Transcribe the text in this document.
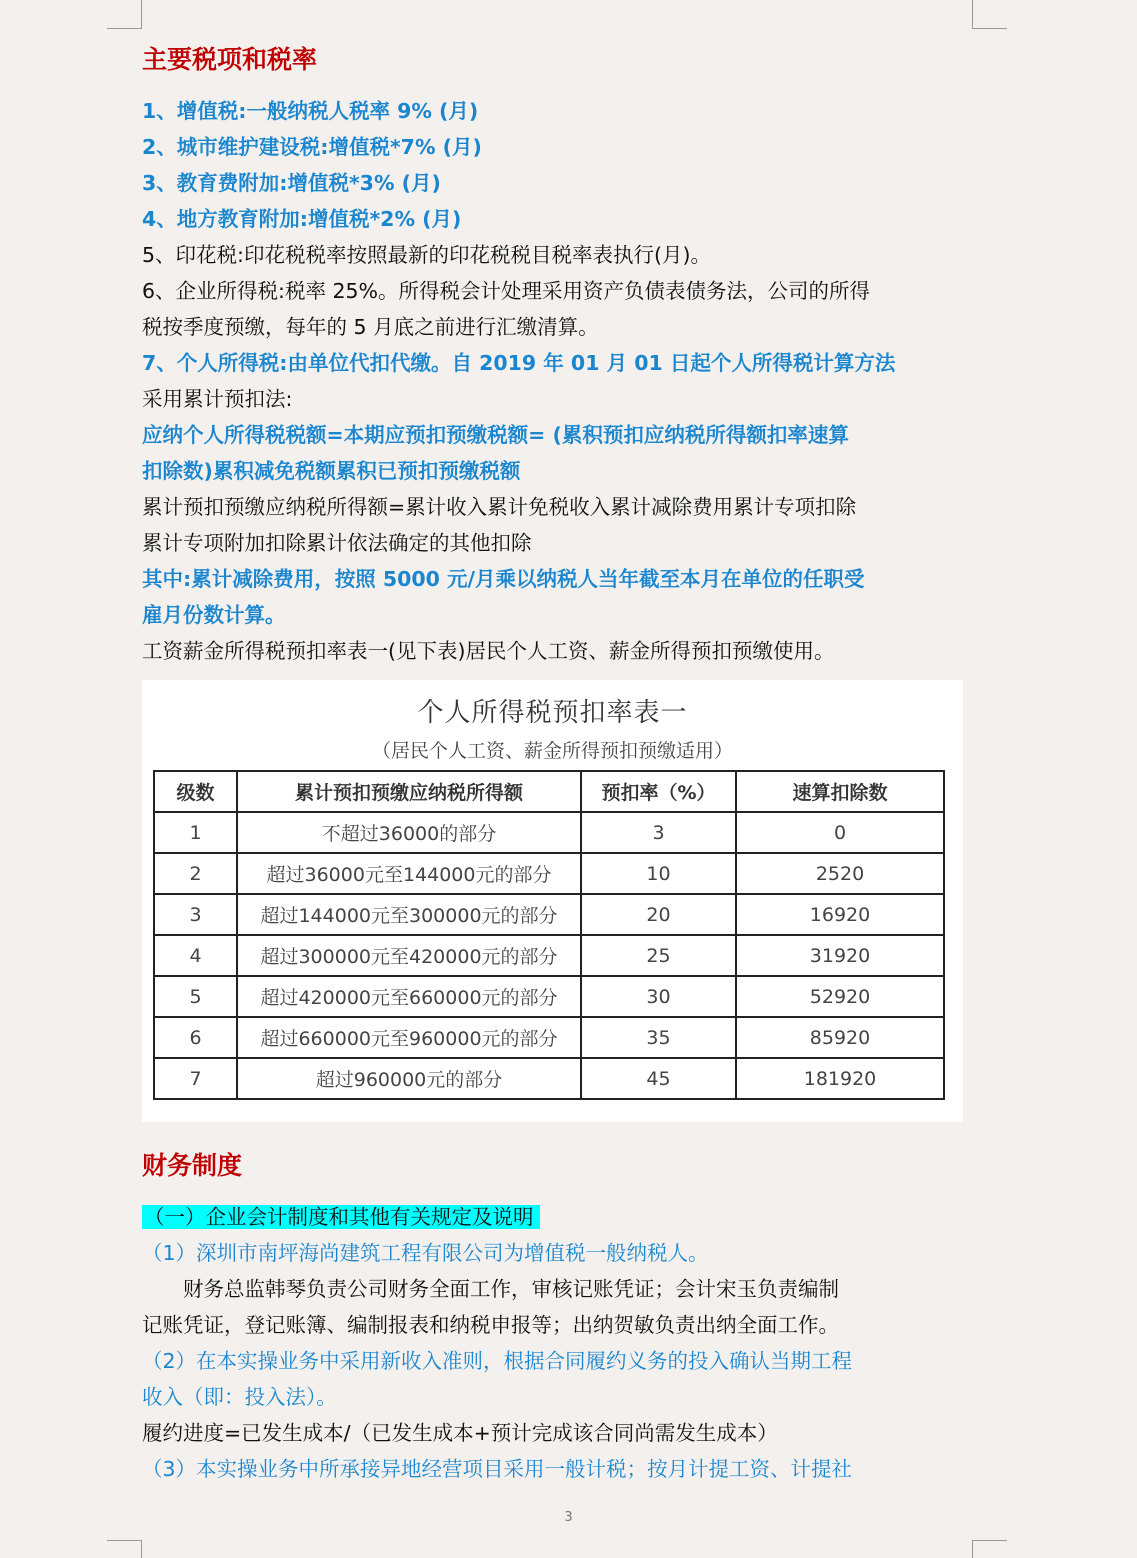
主要税项和税率
1、增值税:一般纳税人税率 9% (月)
2、城市维护建设税:增值税*7% (月)
3、教育费附加:增值税*3% (月)
4、地方教育附加:增值税*2% (月)
5、印花税:印花税税率按照最新的印花税税目税率表执行(月)。
6、企业所得税:税率 25%。所得税会计处理采用资产负债表债务法，公司的所得
税按季度预缴，每年的 5 月底之前进行汇缴清算。
7、个人所得税:由单位代扣代缴。自 2019 年 01 月 01 日起个人所得税计算方法
采用累计预扣法:
应纳个人所得税税额=本期应预扣预缴税额= (累积预扣应纳税所得额扣率速算
扣除数)累积减免税额累积已预扣预缴税额
累计预扣预缴应纳税所得额=累计收入累计免税收入累计减除费用累计专项扣除
累计专项附加扣除累计依法确定的其他扣除
其中:累计减除费用，按照 5000 元/月乘以纳税人当年截至本月在单位的任职受
雇月份数计算。
工资薪金所得税预扣率表一(见下表)居民个人工资、薪金所得预扣预缴使用。
个人所得税预扣率表一
（居民个人工资、薪金所得预扣预缴适用）
级数	累计预扣预缴应纳税所得额	预扣率（%）	速算扣除数
1	不超过36000的部分	3	0
2	超过36000元至144000元的部分	10	2520
3	超过144000元至300000元的部分	20	16920
4	超过300000元至420000元的部分	25	31920
5	超过420000元至660000元的部分	30	52920
6	超过660000元至960000元的部分	35	85920
7	超过960000元的部分	45	181920
财务制度
（一）企业会计制度和其他有关规定及说明
（1）深圳市南坪海尚建筑工程有限公司为增值税一般纳税人。
　　财务总监韩琴负责公司财务全面工作，审核记账凭证；会计宋玉负责编制
记账凭证，登记账簿、编制报表和纳税申报等；出纳贺敏负责出纳全面工作。
（2）在本实操业务中采用新收入准则，根据合同履约义务的投入确认当期工程
收入（即：投入法）。
履约进度=已发生成本/（已发生成本+预计完成该合同尚需发生成本）
（3）本实操业务中所承接异地经营项目采用一般计税；按月计提工资、计提社
3
